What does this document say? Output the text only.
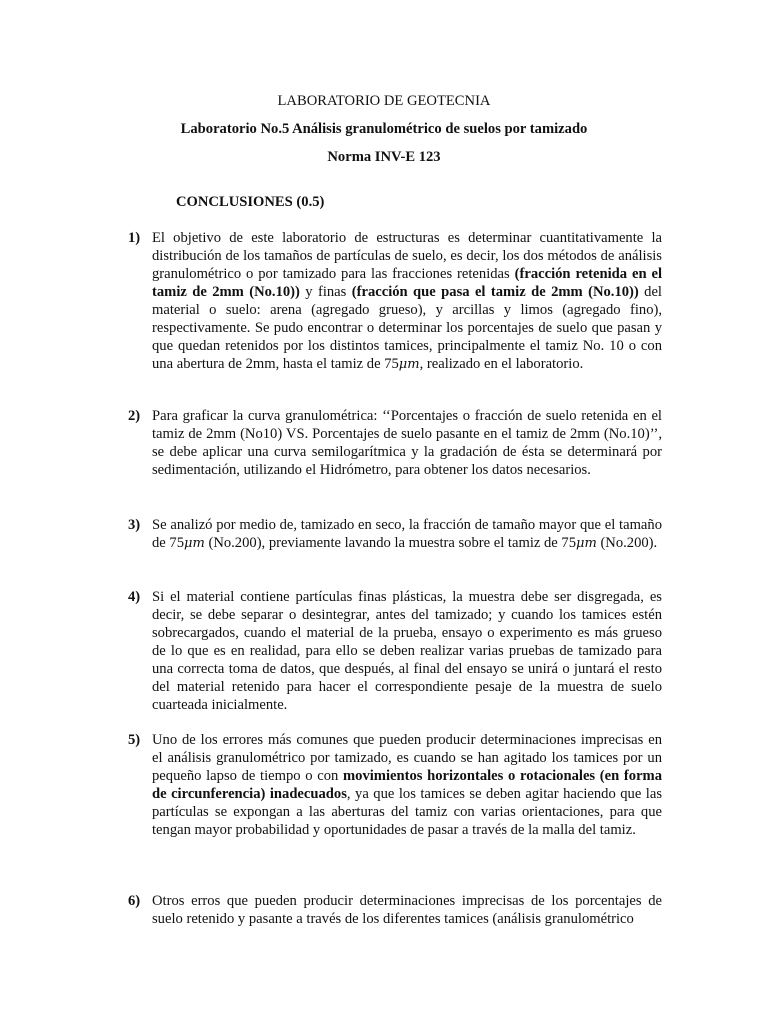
LABORATORIO DE GEOTECNIA
Laboratorio No.5 Análisis granulométrico de suelos por tamizado
Norma INV-E 123
CONCLUSIONES (0.5)
1) El objetivo de este laboratorio de estructuras es determinar cuantitativamente la distribución de los tamaños de partículas de suelo, es decir, los dos métodos de análisis granulométrico o por tamizado para las fracciones retenidas (fracción retenida en el tamiz de 2mm (No.10)) y finas (fracción que pasa el tamiz de 2mm (No.10)) del material o suelo: arena (agregado grueso), y arcillas y limos (agregado fino), respectivamente. Se pudo encontrar o determinar los porcentajes de suelo que pasan y que quedan retenidos por los distintos tamices, principalmente el tamiz No. 10 o con una abertura de 2mm, hasta el tamiz de 75μm, realizado en el laboratorio.
2) Para graficar la curva granulométrica: ‘‘Porcentajes o fracción de suelo retenida en el tamiz de 2mm (No10) VS. Porcentajes de suelo pasante en el tamiz de 2mm (No.10)’’, se debe aplicar una curva semilogarítmica y la gradación de ésta se determinará por sedimentación, utilizando el Hidrómetro, para obtener los datos necesarios.
3) Se analizó por medio de, tamizado en seco, la fracción de tamaño mayor que el tamaño de 75μm (No.200), previamente lavando la muestra sobre el tamiz de 75μm (No.200).
4) Si el material contiene partículas finas plásticas, la muestra debe ser disgregada, es decir, se debe separar o desintegrar, antes del tamizado; y cuando los tamices estén sobrecargados, cuando el material de la prueba, ensayo o experimento es más grueso de lo que es en realidad, para ello se deben realizar varias pruebas de tamizado para una correcta toma de datos, que después, al final del ensayo se unirá o juntará el resto del material retenido para hacer el correspondiente pesaje de la muestra de suelo cuarteada inicialmente.
5) Uno de los errores más comunes que pueden producir determinaciones imprecisas en el análisis granulométrico por tamizado, es cuando se han agitado los tamices por un pequeño lapso de tiempo o con movimientos horizontales o rotacionales (en forma de circunferencia) inadecuados, ya que los tamices se deben agitar haciendo que las partículas se expongan a las aberturas del tamiz con varias orientaciones, para que tengan mayor probabilidad y oportunidades de pasar a través de la malla del tamiz.
6) Otros erros que pueden producir determinaciones imprecisas de los porcentajes de suelo retenido y pasante a través de los diferentes tamices (análisis granulométrico
